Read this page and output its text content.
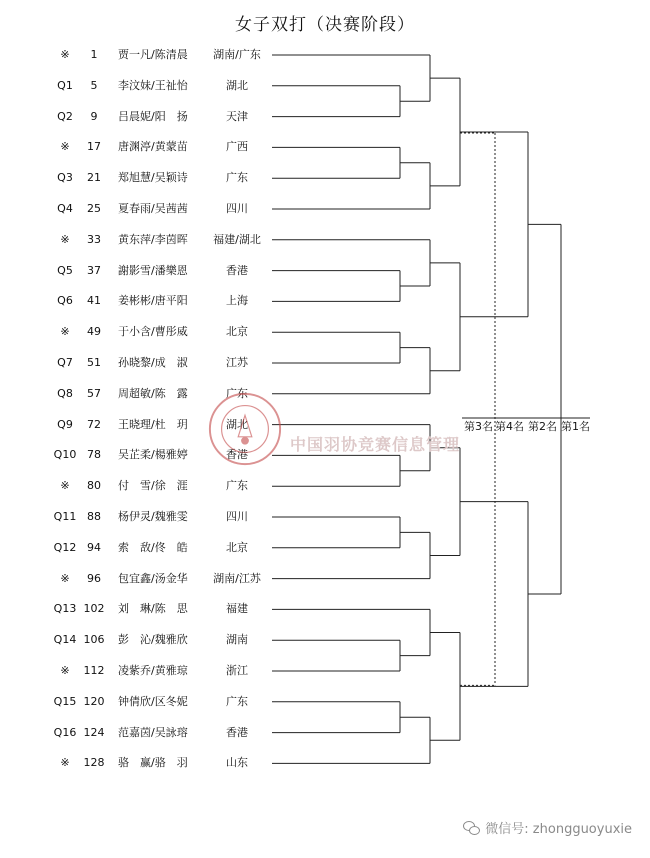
女子双打（决赛阶段）
※	1	贾一凡/陈清晨	湖南/广东
Q1	5	李汶妹/王祉怡	湖北
Q2	9	吕晨妮/阳　扬	天津
※	17	唐渊渟/黄蒙苗	广西
Q3	21	郑旭慧/吴颖诗	广东
Q4	25	夏春雨/吴茜茜	四川
※	33	黄东萍/李茵晖	福建/湖北
Q5	37	謝影雪/潘樂恩	香港
Q6	41	姜彬彬/唐平阳	上海
※	49	于小含/曹彤威	北京
Q7	51	孙晓黎/成　淑	江苏
Q8	57	周超敏/陈　露	广东
Q9	72	王晓理/杜　玥	湖北
Q10 78	吴芷柔/楊雅婷	香港
※	80	付　雪/徐　涯	广东
Q11 88	杨伊灵/魏雅雯	四川
Q12 94	索　敌/佟　皓	北京
※	96	包宜鑫/汤金华	湖南/江苏
Q13 102	刘　琳/陈　思	福建
Q14 106	彭　沁/魏雅欣	湖南
※	112	凌紫乔/黄雅琼	浙江
Q15 120	钟倩欣/区冬妮	广东
Q16 124	范嘉茵/吴詠瑢	香港
※	128	骆　赢/骆　羽	山东
中国羽协竞赛信息管理
第3名 第4名 第2名 第1名
微信号: zhongguoyuxie
